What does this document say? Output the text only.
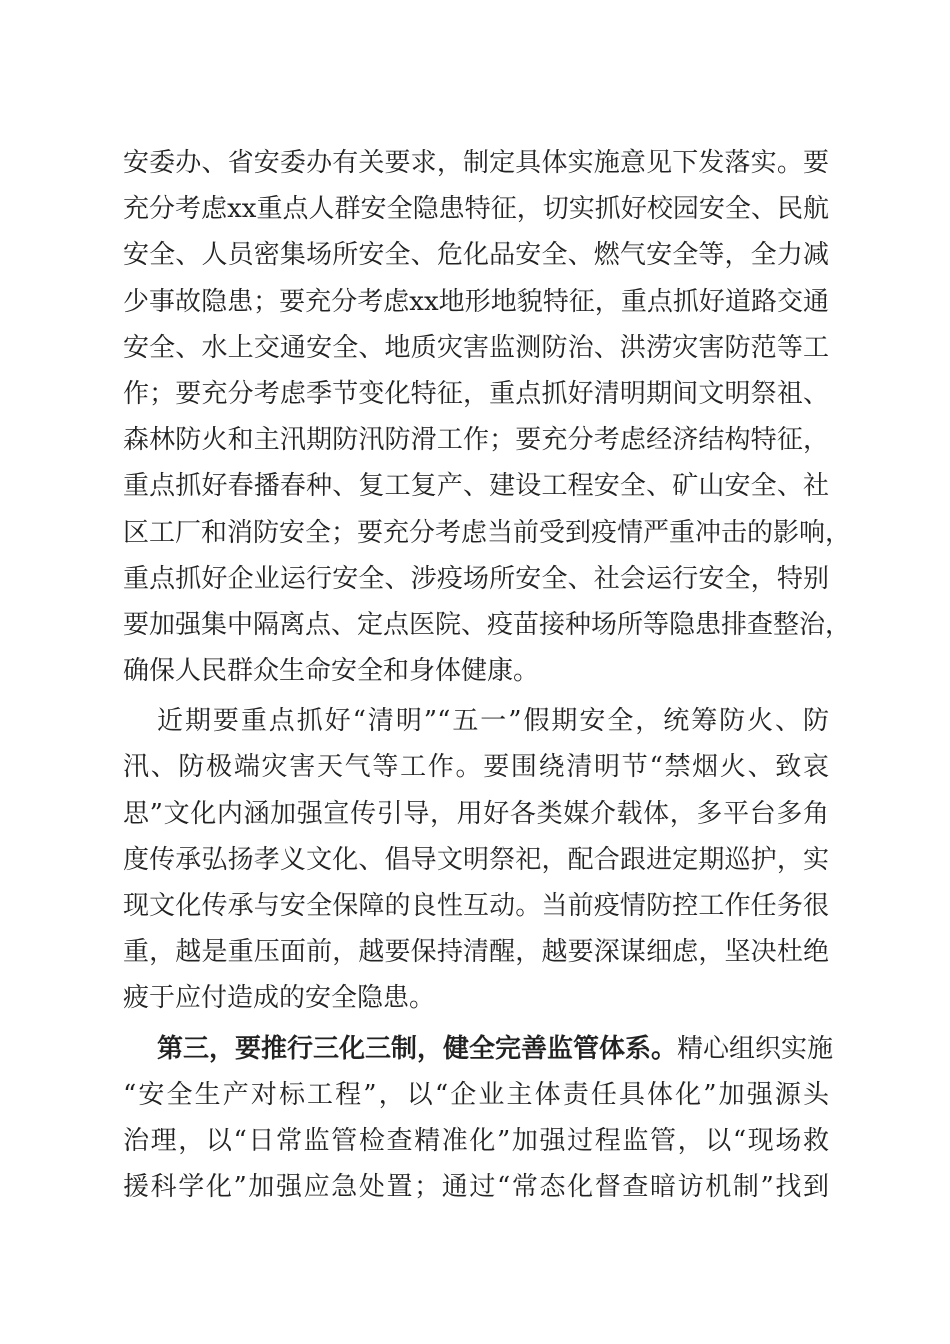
安委办、省安委办有关要求，制定具体实施意见下发落实。要
充分考虑xx重点人群安全隐患特征，切实抓好校园安全、民航
安全、人员密集场所安全、危化品安全、燃气安全等，全力减
少事故隐患；要充分考虑xx地形地貌特征，重点抓好道路交通
安全、水上交通安全、地质灾害监测防治、洪涝灾害防范等工
作；要充分考虑季节变化特征，重点抓好清明期间文明祭祖、
森林防火和主汛期防汛防滑工作；要充分考虑经济结构特征，
重点抓好春播春种、复工复产、建设工程安全、矿山安全、社
区工厂和消防安全；要充分考虑当前受到疫情严重冲击的影响，
重点抓好企业运行安全、涉疫场所安全、社会运行安全，特别
要加强集中隔离点、定点医院、疫苗接种场所等隐患排查整治，
确保人民群众生命安全和身体健康。
近期要重点抓好“清明”“五一”假期安全，统筹防火、防
汛、防极端灾害天气等工作。要围绕清明节“禁烟火、致哀
思”文化内涵加强宣传引导，用好各类媒介载体，多平台多角
度传承弘扬孝义文化、倡导文明祭祀，配合跟进定期巡护，实
现文化传承与安全保障的良性互动。当前疫情防控工作任务很
重，越是重压面前，越要保持清醒，越要深谋细虑，坚决杜绝
疲于应付造成的安全隐患。
第三，要推行三化三制，健全完善监管体系。精心组织实施
“安全生产对标工程”，以“企业主体责任具体化”加强源头
治理，以“日常监管检查精准化”加强过程监管，以“现场救
援科学化”加强应急处置；通过“常态化督查暗访机制”找到
